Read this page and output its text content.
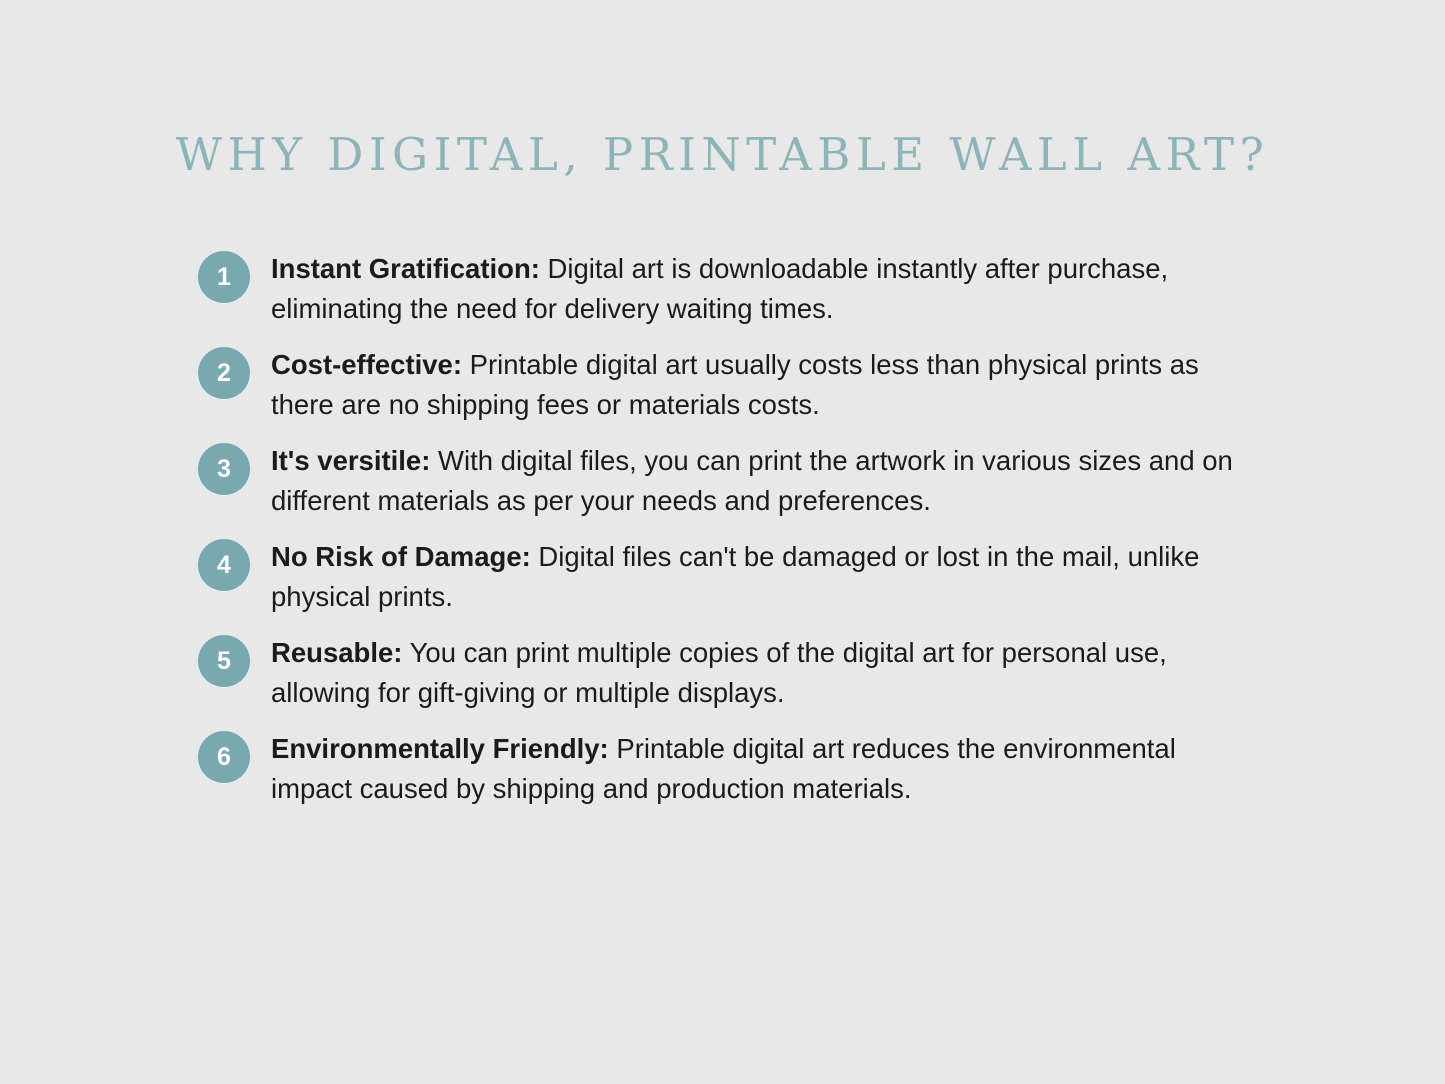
WHY DIGITAL, PRINTABLE WALL ART?
1	Instant Gratification: Digital art is downloadable instantly after purchase, eliminating the need for delivery waiting times.
2	Cost-effective: Printable digital art usually costs less than physical prints as there are no shipping fees or materials costs.
3	It's versitile: With digital files, you can print the artwork in various sizes and on different materials as per your needs and preferences.
4	No Risk of Damage: Digital files can't be damaged or lost in the mail, unlike physical prints.
5	Reusable: You can print multiple copies of the digital art for personal use, allowing for gift-giving or multiple displays.
6	Environmentally Friendly: Printable digital art reduces the environmental impact caused by shipping and production materials.
